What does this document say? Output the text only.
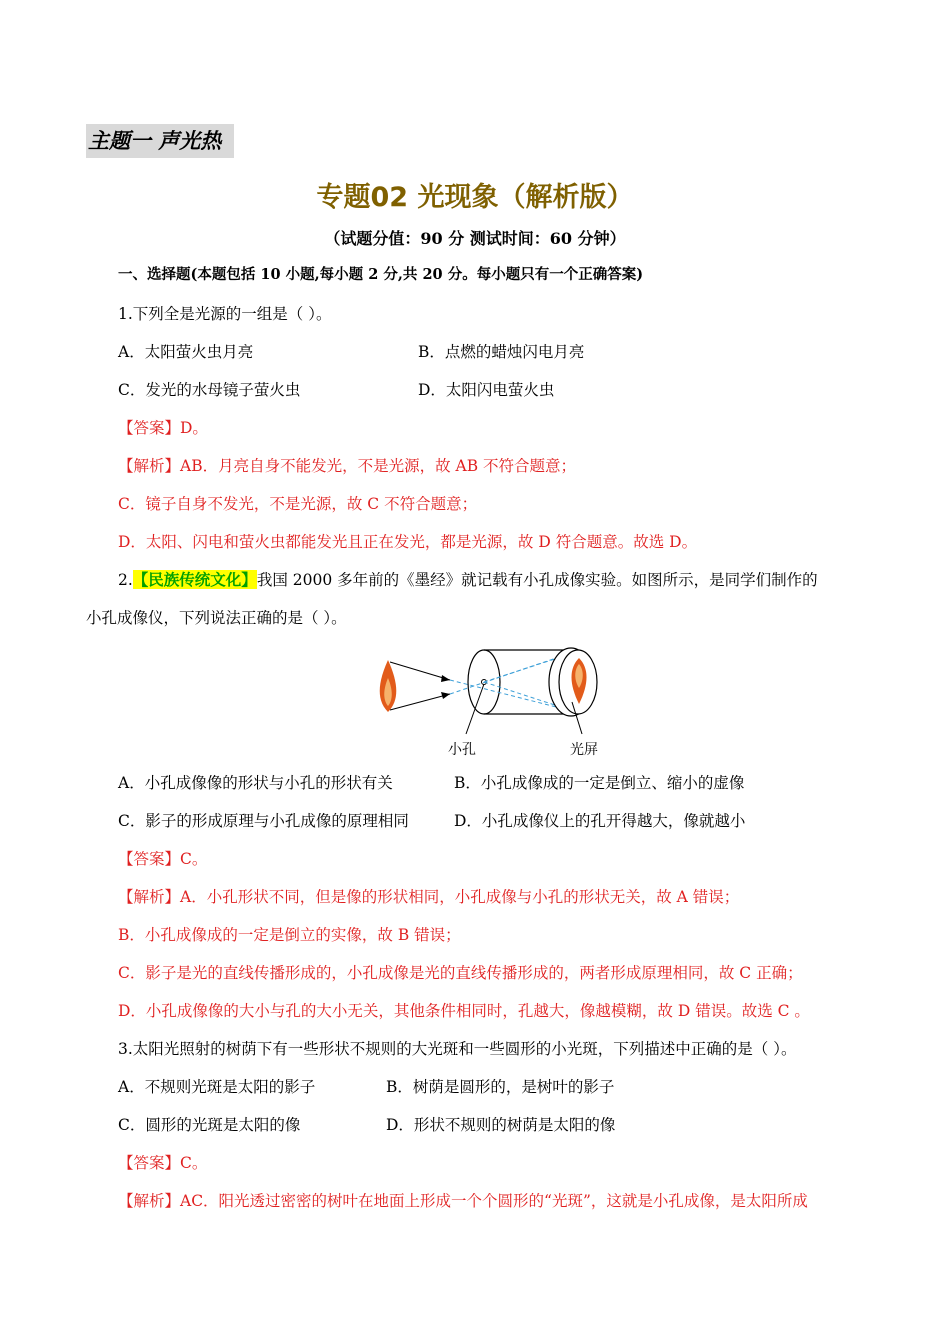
主题一 声光热
专题02 光现象（解析版）
（试题分值：90 分 测试时间：60 分钟）
一、选择题(本题包括 10 小题,每小题 2 分,共 20 分。每小题只有一个正确答案)
1.下列全是光源的一组是（ ）。
A．太阳萤火虫月亮	B．点燃的蜡烛闪电月亮
C．发光的水母镜子萤火虫	D．太阳闪电萤火虫
【答案】D。
【解析】AB．月亮自身不能发光，不是光源，故 AB 不符合题意；
C．镜子自身不发光，不是光源，故 C 不符合题意；
D．太阳、闪电和萤火虫都能发光且正在发光，都是光源，故 D 符合题意。故选 D。
2.【民族传统文化】我国 2000 多年前的《墨经》就记载有小孔成像实验。如图所示，是同学们制作的
小孔成像仪，下列说法正确的是（ ）。
小孔	光屏
A．小孔成像像的形状与小孔的形状有关	B．小孔成像成的一定是倒立、缩小的虚像
C．影子的形成原理与小孔成像的原理相同	D．小孔成像仪上的孔开得越大，像就越小
【答案】C。
【解析】A．小孔形状不同，但是像的形状相同，小孔成像与小孔的形状无关，故 A 错误；
B．小孔成像成的一定是倒立的实像，故 B 错误；
C．影子是光的直线传播形成的，小孔成像是光的直线传播形成的，两者形成原理相同，故 C 正确；
D．小孔成像像的大小与孔的大小无关，其他条件相同时，孔越大，像越模糊，故 D 错误。故选 C 。
3.太阳光照射的树荫下有一些形状不规则的大光斑和一些圆形的小光斑，下列描述中正确的是（ ）。
A．不规则光斑是太阳的影子	B．树荫是圆形的，是树叶的影子
C．圆形的光斑是太阳的像	D．形状不规则的树荫是太阳的像
【答案】C。
【解析】AC．阳光透过密密的树叶在地面上形成一个个圆形的“光斑”，这就是小孔成像，是太阳所成
